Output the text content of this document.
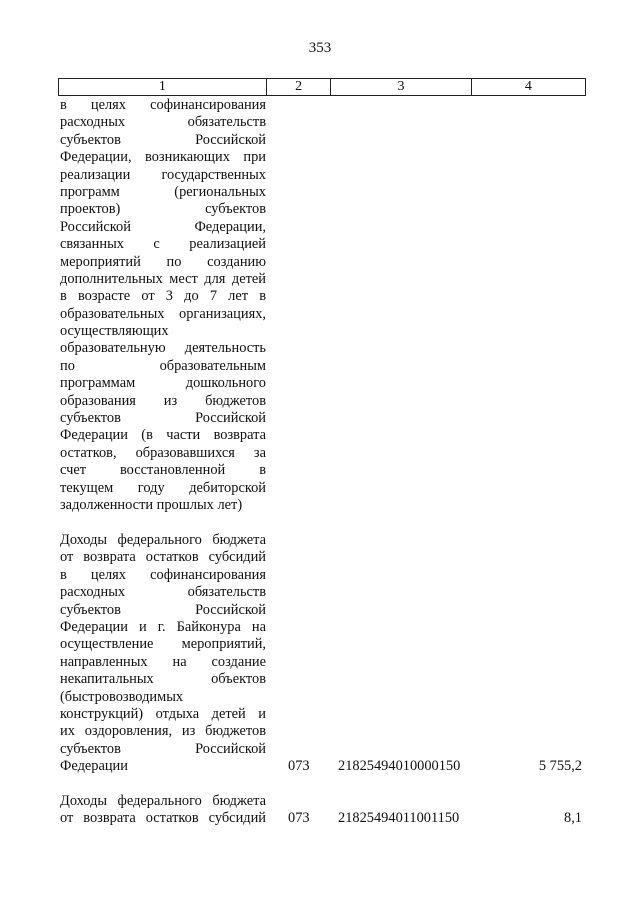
353
1	2	3	4
в целях софинансирования
расходных обязательств
субъектов Российской
Федерации, возникающих при
реализации государственных
программ (региональных
проектов) субъектов
Российской Федерации,
связанных с реализацией
мероприятий по созданию
дополнительных мест для детей
в возрасте от 3 до 7 лет в
образовательных организациях,
осуществляющих
образовательную деятельность
по образовательным
программам дошкольного
образования из бюджетов
субъектов Российской
Федерации (в части возврата
остатков, образовавшихся за
счет восстановленной в
текущем году дебиторской
задолженности прошлых лет)
Доходы федерального бюджета
от возврата остатков субсидий
в целях софинансирования
расходных обязательств
субъектов Российской
Федерации и г. Байконура на
осуществление мероприятий,
направленных на создание
некапитальных объектов
(быстровозводимых
конструкций) отдыха детей и
их оздоровления, из бюджетов
субъектов Российской
Федерации	073 21825494010000150	5 755,2
Доходы федерального бюджета
от возврата остатков субсидий 073 21825494011001150	8,1
